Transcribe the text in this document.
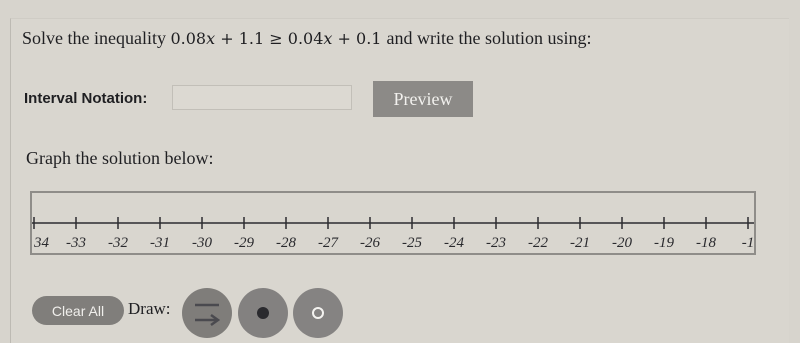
Solve the inequality 0.08x + 1.1 ≥ 0.04x + 0.1 and write the solution using:
Interval Notation:	Preview
Graph the solution below:
34 -33 -32 -31 -30 -29 -28 -27 -26 -25 -24 -23 -22 -21 -20 -19 -18 -1
Clear All	Draw:
